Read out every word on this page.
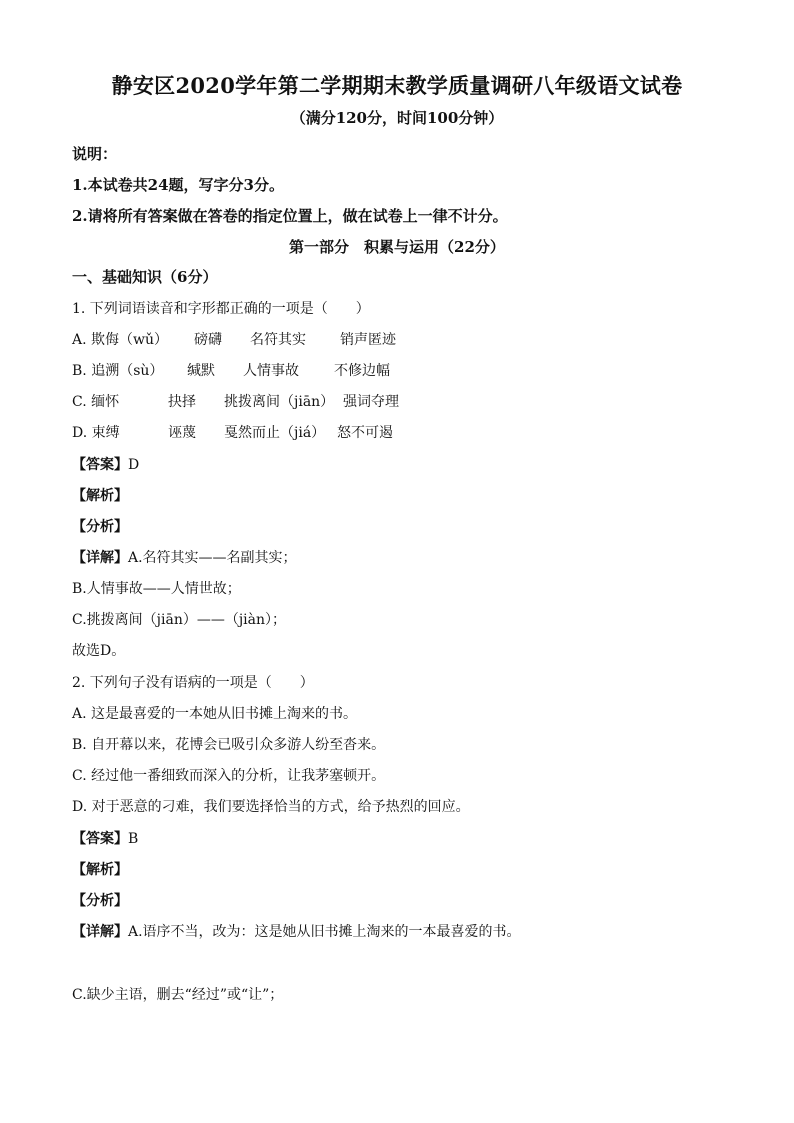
静安区2020学年第二学期期末教学质量调研八年级语文试卷
（满分120分，时间100分钟）
说明：
1.本试卷共24题，写字分3分。
2.请将所有答案做在答卷的指定位置上，做在试卷上一律不计分。
第一部分　积累与运用（22分）
一、基础知识（6分）
1. 下列词语读音和字形都正确的一项是（　　）
A. 欺侮（wǔ） 磅礴 名符其实 销声匿迹
B. 追溯（sù） 缄默 人情事故	不修边幅
C. 缅怀	抉择 挑拨离间（jiān） 强词夺理
D. 束缚	诬蔑 戛然而止（jiá） 怒不可遏
【答案】D
【解析】
【分析】
【详解】A.名符其实——名副其实；
B.人情事故——人情世故；
C.挑拨离间（jiān）——（jiàn）；
故选D。
2. 下列句子没有语病的一项是（　　）
A. 这是最喜爱的一本她从旧书摊上淘来的书。
B. 自开幕以来，花博会已吸引众多游人纷至沓来。
C. 经过他一番细致而深入的分析，让我茅塞顿开。
D. 对于恶意的刁难，我们要选择恰当的方式，给予热烈的回应。
【答案】B
【解析】
【分析】
【详解】A.语序不当，改为：这是她从旧书摊上淘来的一本最喜爱的书。
C.缺少主语，删去“经过”或“让”；
